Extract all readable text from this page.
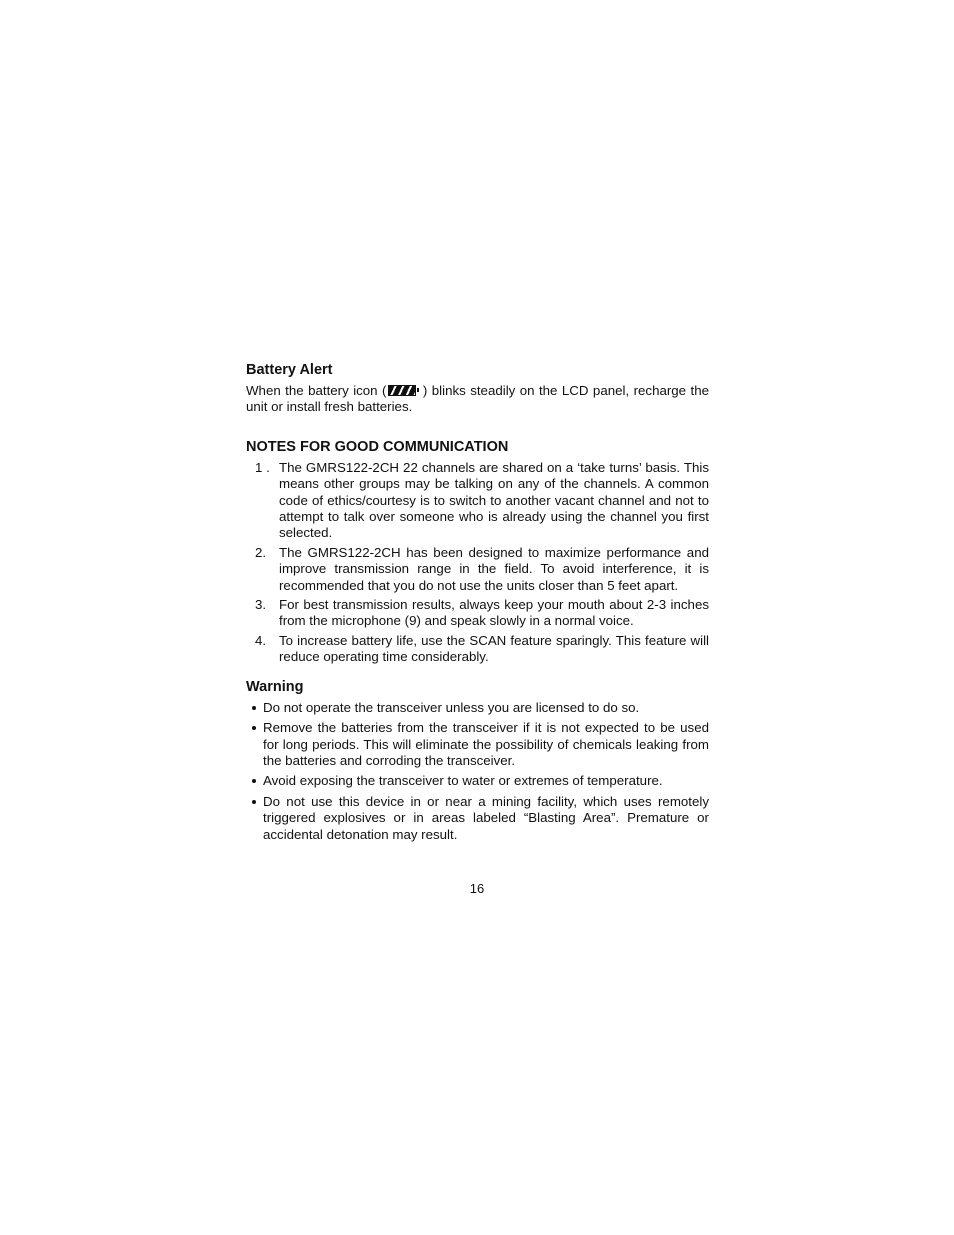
Battery Alert

When the battery icon (	) blinks steadily on the LCD panel, recharge the unit or install fresh batteries.

NOTES FOR GOOD COMMUNICATION
1 . The GMRS122-2CH 22 channels are shared on a ‘take turns’ basis. This means other groups may be talking on any of the channels. A common code of ethics/courtesy is to switch to another vacant channel and not to attempt to talk over someone who is already using the channel you first selected.

2. The GMRS122-2CH has been designed to maximize performance and improve transmission range in the field. To avoid interference, it is recommended that you do not use the units closer than 5 feet apart.

3. For best transmission results, always keep your mouth about 2-3 inches from the microphone (9) and speak slowly in a normal voice.

4. To increase battery life, use the SCAN feature sparingly. This feature will reduce operating time considerably.

Warning

Do not operate the transceiver unless you are licensed to do so.

Remove the batteries from the transceiver if it is not expected to be used for long periods. This will eliminate the possibility of chemicals leaking from the batteries and corroding the transceiver.

Avoid exposing the transceiver to water or extremes of temperature.

Do not use this device in or near a mining facility, which uses remotely triggered explosives or in areas labeled “Blasting Area”. Premature or accidental detonation may result.

16
